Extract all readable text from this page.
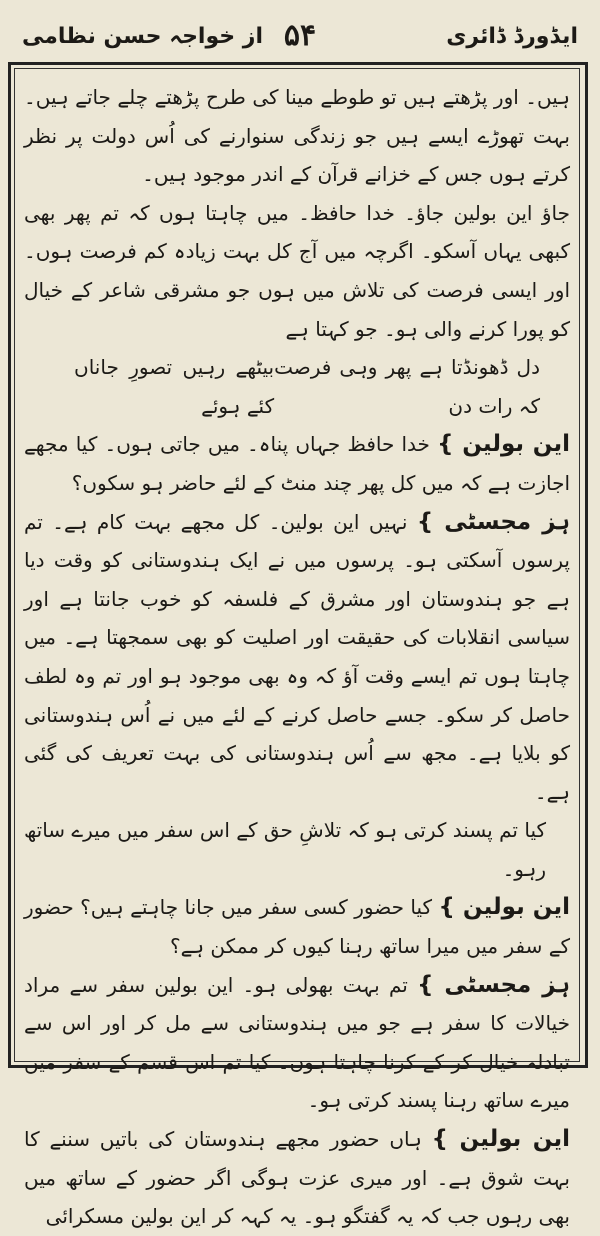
ایڈورڈ ڈائری
۵۴
از خواجہ حسن نظامی

ہیں۔ اور پڑھتے ہیں تو طوطے مینا کی طرح پڑھتے چلے جاتے ہیں۔ بہت تھوڑے ایسے ہیں جو زندگی سنوارنے کی اُس دولت پر نظر کرتے ہوں جس کے خزانے قرآن کے اندر موجود ہیں۔

جاؤ این بولین جاؤ۔ خدا حافظ۔ میں چاہتا ہوں کہ تم پھر بھی کبھی یہاں آسکو۔ اگرچہ میں آج کل بہت زیادہ کم فرصت ہوں۔ اور ایسی فرصت کی تلاش میں ہوں جو مشرقی شاعر کے خیال کو پورا کرنے والی ہو۔ جو کہتا ہے

دل ڈھونڈتا ہے پھر وہی فرصت کہ رات دن
بیٹھے رہیں تصورِ جاناں کئے ہوئے

این بولین } خدا حافظ جہاں پناہ۔ میں جاتی ہوں۔ کیا مجھے اجازت ہے کہ میں کل پھر چند منٹ کے لئے حاضر ہو سکوں؟

ہز مجسٹی } نہیں این بولین۔ کل مجھے بہت کام ہے۔ تم پرسوں آسکتی ہو۔ پرسوں میں نے ایک ہندوستانی کو وقت دیا ہے جو ہندوستان اور مشرق کے فلسفہ کو خوب جانتا ہے اور سیاسی انقلابات کی حقیقت اور اصلیت کو بھی سمجھتا ہے۔ میں چاہتا ہوں تم ایسے وقت آؤ کہ وہ بھی موجود ہو اور تم وہ لطف حاصل کر سکو۔ جسے حاصل کرنے کے لئے میں نے اُس ہندوستانی کو بلایا ہے۔ مجھ سے اُس ہندوستانی کی بہت تعریف کی گئی ہے۔

کیا تم پسند کرتی ہو کہ تلاشِ حق کے اس سفر میں میرے ساتھ رہو۔

این بولین } کیا حضور کسی سفر میں جانا چاہتے ہیں؟ حضور کے سفر میں میرا ساتھ رہنا کیوں کر ممکن ہے؟

ہز مجسٹی } تم بہت بھولی ہو۔ این بولین سفر سے مراد خیالات کا سفر ہے جو میں ہندوستانی سے مل کر اور اس سے تبادلہ خیال کر کے کرنا چاہتا ہوں۔ کیا تم اس قسم کے سفر میں میرے ساتھ رہنا پسند کرتی ہو۔

این بولین } ہاں حضور مجھے ہندوستان کی باتیں سننے کا بہت شوق ہے۔ اور میری عزت ہوگی اگر حضور کے ساتھ میں بھی رہوں جب کہ یہ گفتگو ہو۔ یہ کہہ کر این بولین مسکرائی
